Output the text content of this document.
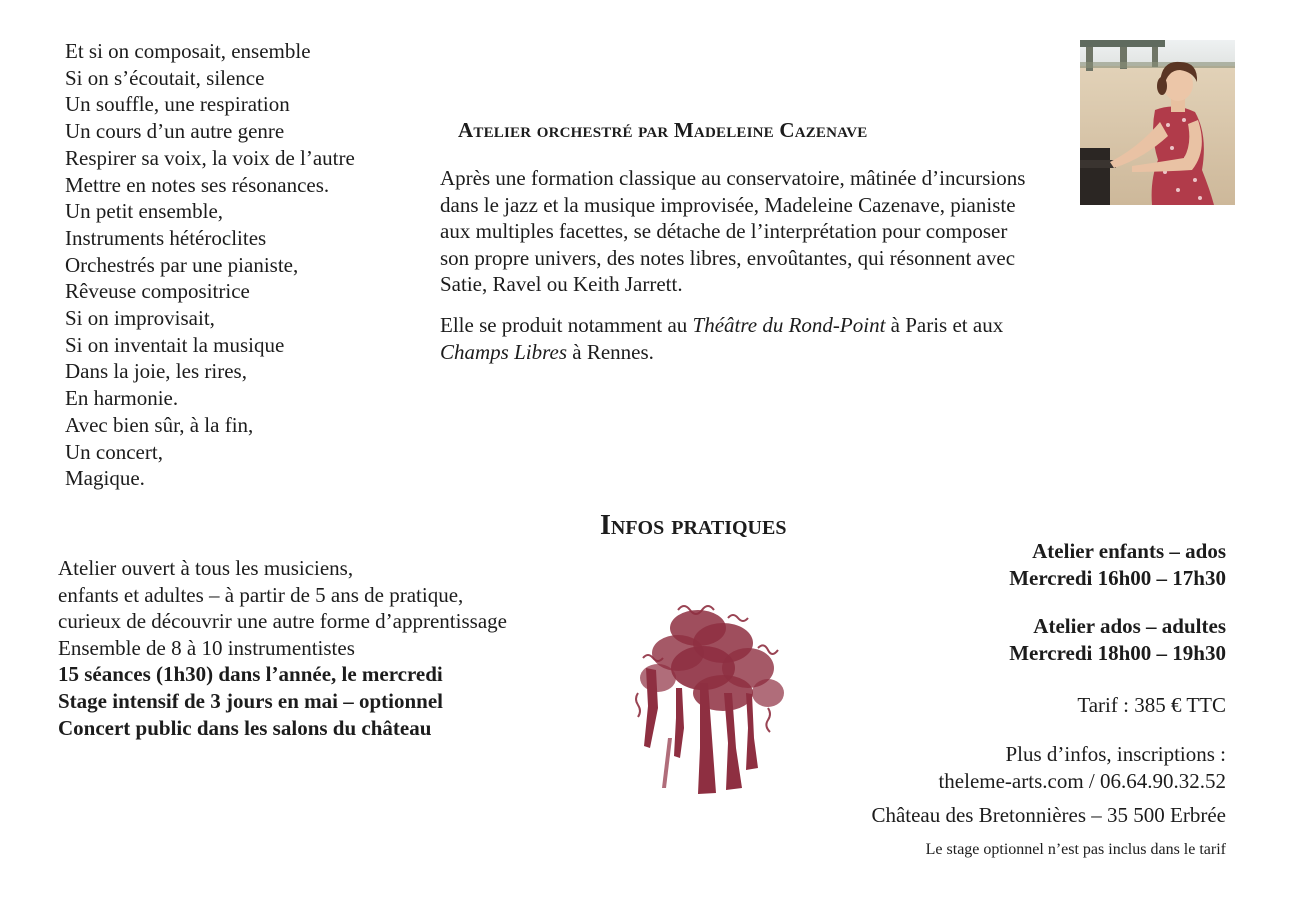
Et si on composait, ensemble
Si on s’écoutait, silence
Un souffle, une respiration
Un cours d’un autre genre
Respirer sa voix, la voix de l’autre
Mettre en notes ses résonances.
Un petit ensemble,
Instruments hétéroclites
Orchestrés par une pianiste,
Rêveuse compositrice
Si on improvisait,
Si on inventait la musique
Dans la joie, les rires,
En harmonie.
Avec bien sûr, à la fin,
Un concert,
Magique.
Atelier orchestré par Madeleine Cazenave

Après une formation classique au conservatoire, mâtinée d’incursions dans le jazz et la musique improvisée, Madeleine Cazenave, pianiste aux multiples facettes, se détache de l’interprétation pour composer son propre univers, des notes libres, envoûtantes, qui résonnent avec Satie, Ravel ou Keith Jarrett.

Elle se produit notamment au Théâtre du Rond-Point à Paris et aux Champs Libres à Rennes.

Infos pratiques
Atelier ouvert à tous les musiciens,
enfants et adultes – à partir de 5 ans de pratique,
curieux de découvrir une autre forme d’apprentissage
Ensemble de 8 à 10 instrumentistes
15 séances (1h30) dans l’année, le mercredi
Stage intensif de 3 jours en mai – optionnel
Concert public dans les salons du château
Atelier enfants – ados
Mercredi 16h00 – 17h30
Atelier ados – adultes
Mercredi 18h00 – 19h30
Tarif : 385 € TTC
Plus d’infos, inscriptions :
theleme-arts.com / 06.64.90.32.52
Château des Bretonnières – 35 500 Erbrée
Le stage optionnel n’est pas inclus dans le tarif
